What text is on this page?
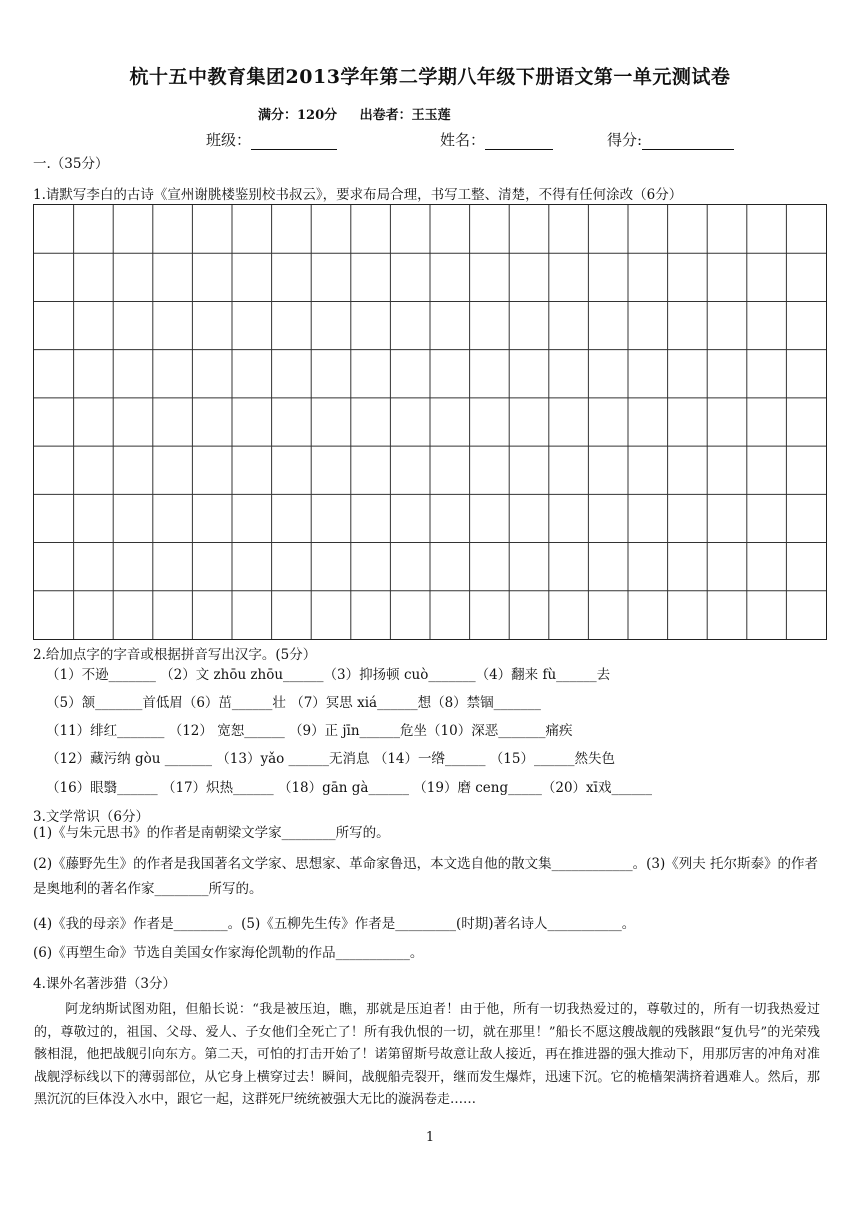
杭十五中教育集团2013学年第二学期八年级下册语文第一单元测试卷
满分：120分 出卷者：王玉莲
班级：	姓名：	得分:
一.（35分）
1.请默写李白的古诗《宣州谢朓楼鉴别校书叔云》，要求布局合理，书写工整、清楚，不得有任何涂改（6分）
2.给加点字的字音或根据拼音写出汉字。(5分）
（1）不逊_______ （2）文 zhōu zhōu______（3）抑扬顿 cuò_______（4）翻来 fù______去
（5）颔_______首低眉（6）茁______壮 （7）冥思 xiá______想（8）禁锢_______
（11）绯红_______ （12） 宽恕______ （9）正 jīn______危坐（10）深恶_______痛疾
（12）藏污纳 gòu _______ （13）yǎo ______无消息 （14）一绺______ （15）______然失色
（16）眼翳______ （17）炽热______ （18）gān gà______ （19）磨 ceng_____（20）xī戏______
3.文学常识（6分）
(1)《与朱元思书》的作者是南朝梁文学家________所写的。
(2)《藤野先生》的作者是我国著名文学家、思想家、革命家鲁迅，本文选自他的散文集____________。(3)《列夫 托尔斯泰》的作者是奥地利的著名作家________所写的。
(4)《我的母亲》作者是________。(5)《五柳先生传》作者是_________(时期)著名诗人___________。
(6)《再塑生命》节选自美国女作家海伦凯勒的作品___________。
4.课外名著涉猎（3分）
阿龙纳斯试图劝阻，但船长说：“我是被压迫，瞧，那就是压迫者！由于他，所有一切我热爱过的，尊敬过的，所有一切我热爱过的，尊敬过的，祖国、父母、爱人、子女他们全死亡了！所有我仇恨的一切，就在那里！”船长不愿这艘战舰的残骸跟“复仇号”的光荣残骸相混，他把战舰引向东方。第二天，可怕的打击开始了！诺第留斯号故意让敌人接近，再在推进器的强大推动下，用那厉害的冲角对准战舰浮标线以下的薄弱部位，从它身上横穿过去！瞬间，战舰船壳裂开，继而发生爆炸，迅速下沉。它的桅樯架满挤着遇难人。然后，那黑沉沉的巨体没入水中，跟它一起，这群死尸统统被强大无比的漩涡卷走……
1
